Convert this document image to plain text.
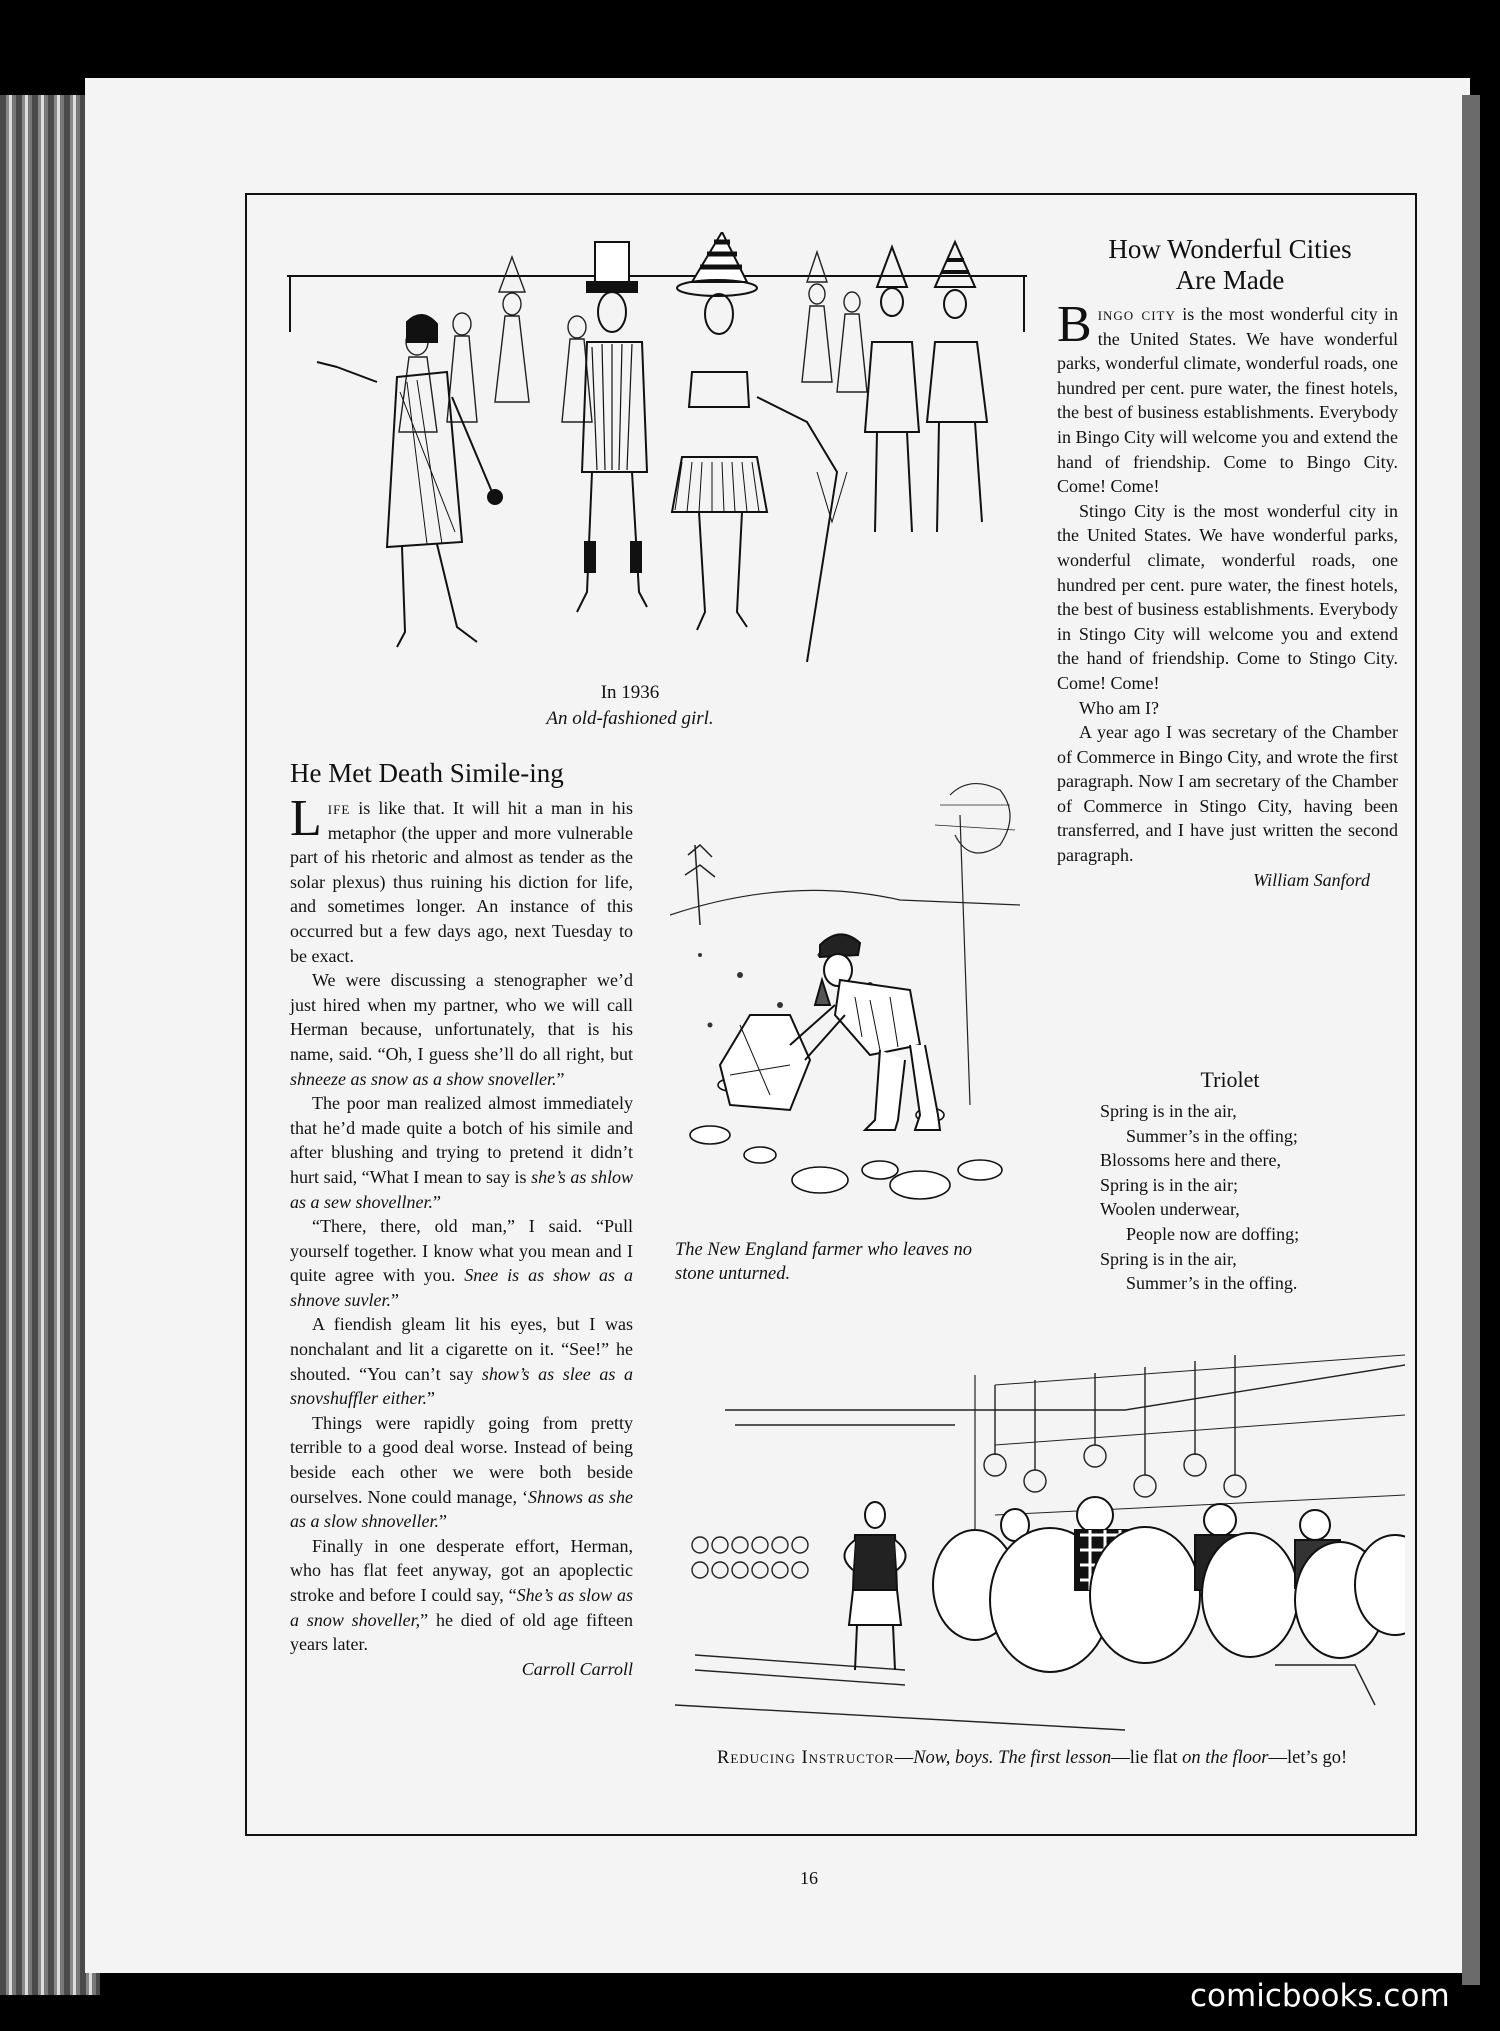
In 1936
An old-fashioned girl.
He Met Death Simile-ing

Life is like that. It will hit a man in his metaphor (the upper and more vulnerable part of his rhetoric and almost as tender as the solar plexus) thus ruining his diction for life, and sometimes longer. An instance of this occurred but a few days ago, next Tuesday to be exact.

We were discussing a stenographer we’d just hired when my partner, who we will call Herman because, unfortunately, that is his name, said. “Oh, I guess she’ll do all right, but shneeze as snow as a show snoveller.”

The poor man realized almost immediately that he’d made quite a botch of his simile and after blushing and trying to pretend it didn’t hurt said, “What I mean to say is she’s as shlow as a sew shovellner.”

“There, there, old man,” I said. “Pull yourself together. I know what you mean and I quite agree with you. Snee is as show as a shnove suvler.”

A fiendish gleam lit his eyes, but I was nonchalant and lit a cigarette on it. “See!” he shouted. “You can’t say show’s as slee as a snovshuffler either.”

Things were rapidly going from pretty terrible to a good deal worse. Instead of being beside each other we were both beside ourselves. None could manage, ‘Shnows as she as a slow shnoveller.”

Finally in one desperate effort, Herman, who has flat feet anyway, got an apoplectic stroke and before I could say, “She’s as slow as a snow shoveller,” he died of old age fifteen years later.

Carroll Carroll

The New England farmer who leaves no stone unturned.
How Wonderful Cities
Are Made

Bingo city is the most wonderful city in the United States. We have wonderful parks, wonderful climate, wonderful roads, one hundred per cent. pure water, the finest hotels, the best of business establishments. Everybody in Bingo City will welcome you and extend the hand of friendship. Come to Bingo City. Come! Come!

Stingo City is the most wonderful city in the United States. We have wonderful parks, wonderful climate, wonderful roads, one hundred per cent. pure water, the finest hotels, the best of business establishments. Everybody in Stingo City will welcome you and extend the hand of friendship. Come to Stingo City. Come! Come!

Who am I?

A year ago I was secretary of the Chamber of Commerce in Bingo City, and wrote the first paragraph. Now I am secretary of the Chamber of Commerce in Stingo City, having been transferred, and I have just written the second paragraph.

William Sanford

Triolet

Spring is in the air,

Summer’s in the offing;

Blossoms here and there,

Spring is in the air;

Woolen underwear,

People now are doffing;

Spring is in the air,

Summer’s in the offing.

Reducing Instructor—Now, boys. The first lesson—lie flat on the floor—let’s go!
16
comicbooks.com
